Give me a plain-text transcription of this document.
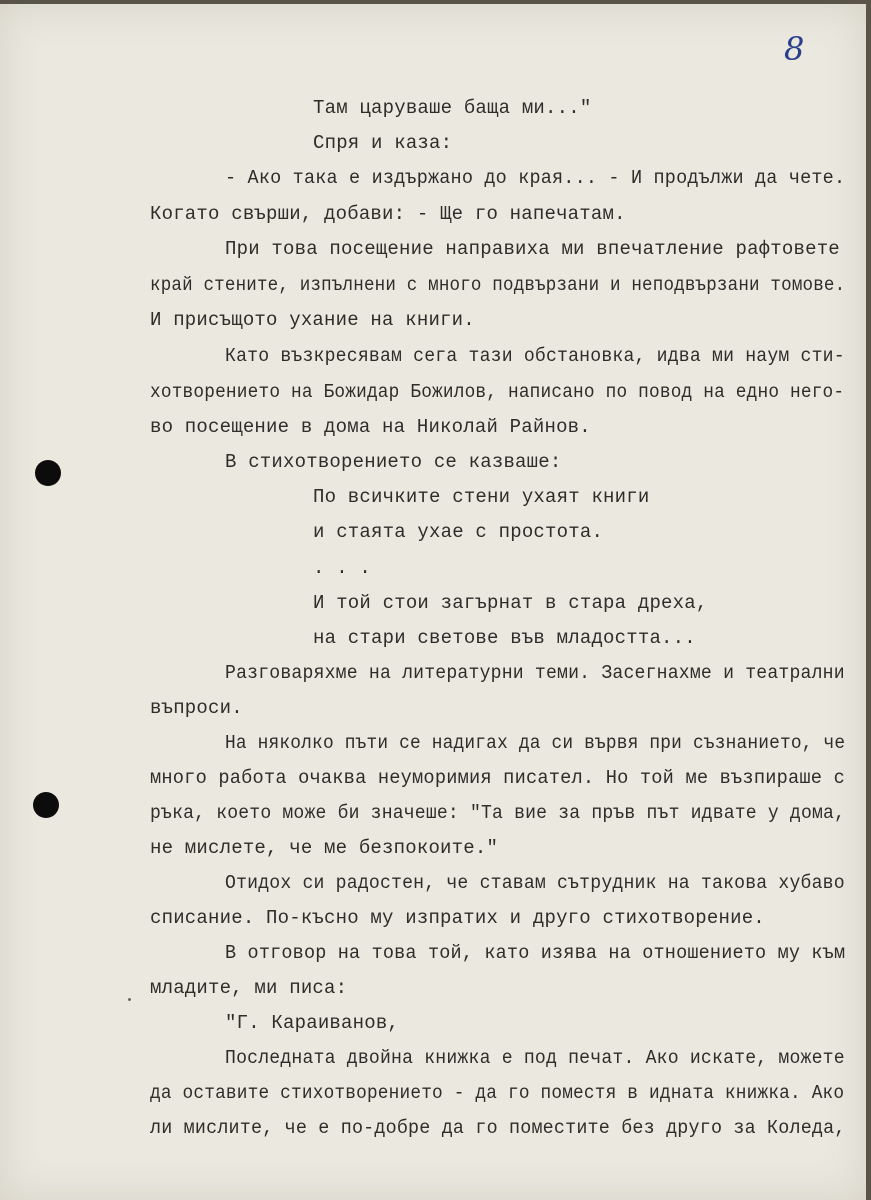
8

Там царуваше баща ми..."

Спря и каза:

- Ако така е издържано до края... - И продължи да чете.

Когато свърши, добави: - Ще го напечатам.

При това посещение направиха ми впечатление рафтовете

край стените, изпълнени с много подвързани и неподвързани томове.

И присъщото ухание на книги.

Като възкресявам сега тази обстановка, идва ми наум сти-

хотворението на Божидар Божилов, написано по повод на едно него-

во посещение в дома на Николай Райнов.

В стихотворението се казваше:

По всичките стени ухаят книги

и стаята ухае с простота.

. . .

И той стои загърнат в стара дреха,

на стари светове във младостта...

Разговаряхме на литературни теми. Засегнахме и театрални

въпроси.

На няколко пъти се надигах да си вървя при съзнанието, че

много работа очаква неуморимия писател. Но той ме възпираше с

ръка, което може би значеше: "Та вие за пръв път идвате у дома,

не мислете, че ме безпокоите."

Отидох си радостен, че ставам сътрудник на такова хубаво

списание. По-късно му изпратих и друго стихотворение.

В отговор на това той, като изява на отношението му към

младите, ми писа:

"Г. Караиванов,

Последната двойна книжка е под печат. Ако искате, можете

да оставите стихотворението - да го поместя в идната книжка. Ако

ли мислите, че е по-добре да го поместите без друго за Коледа,
